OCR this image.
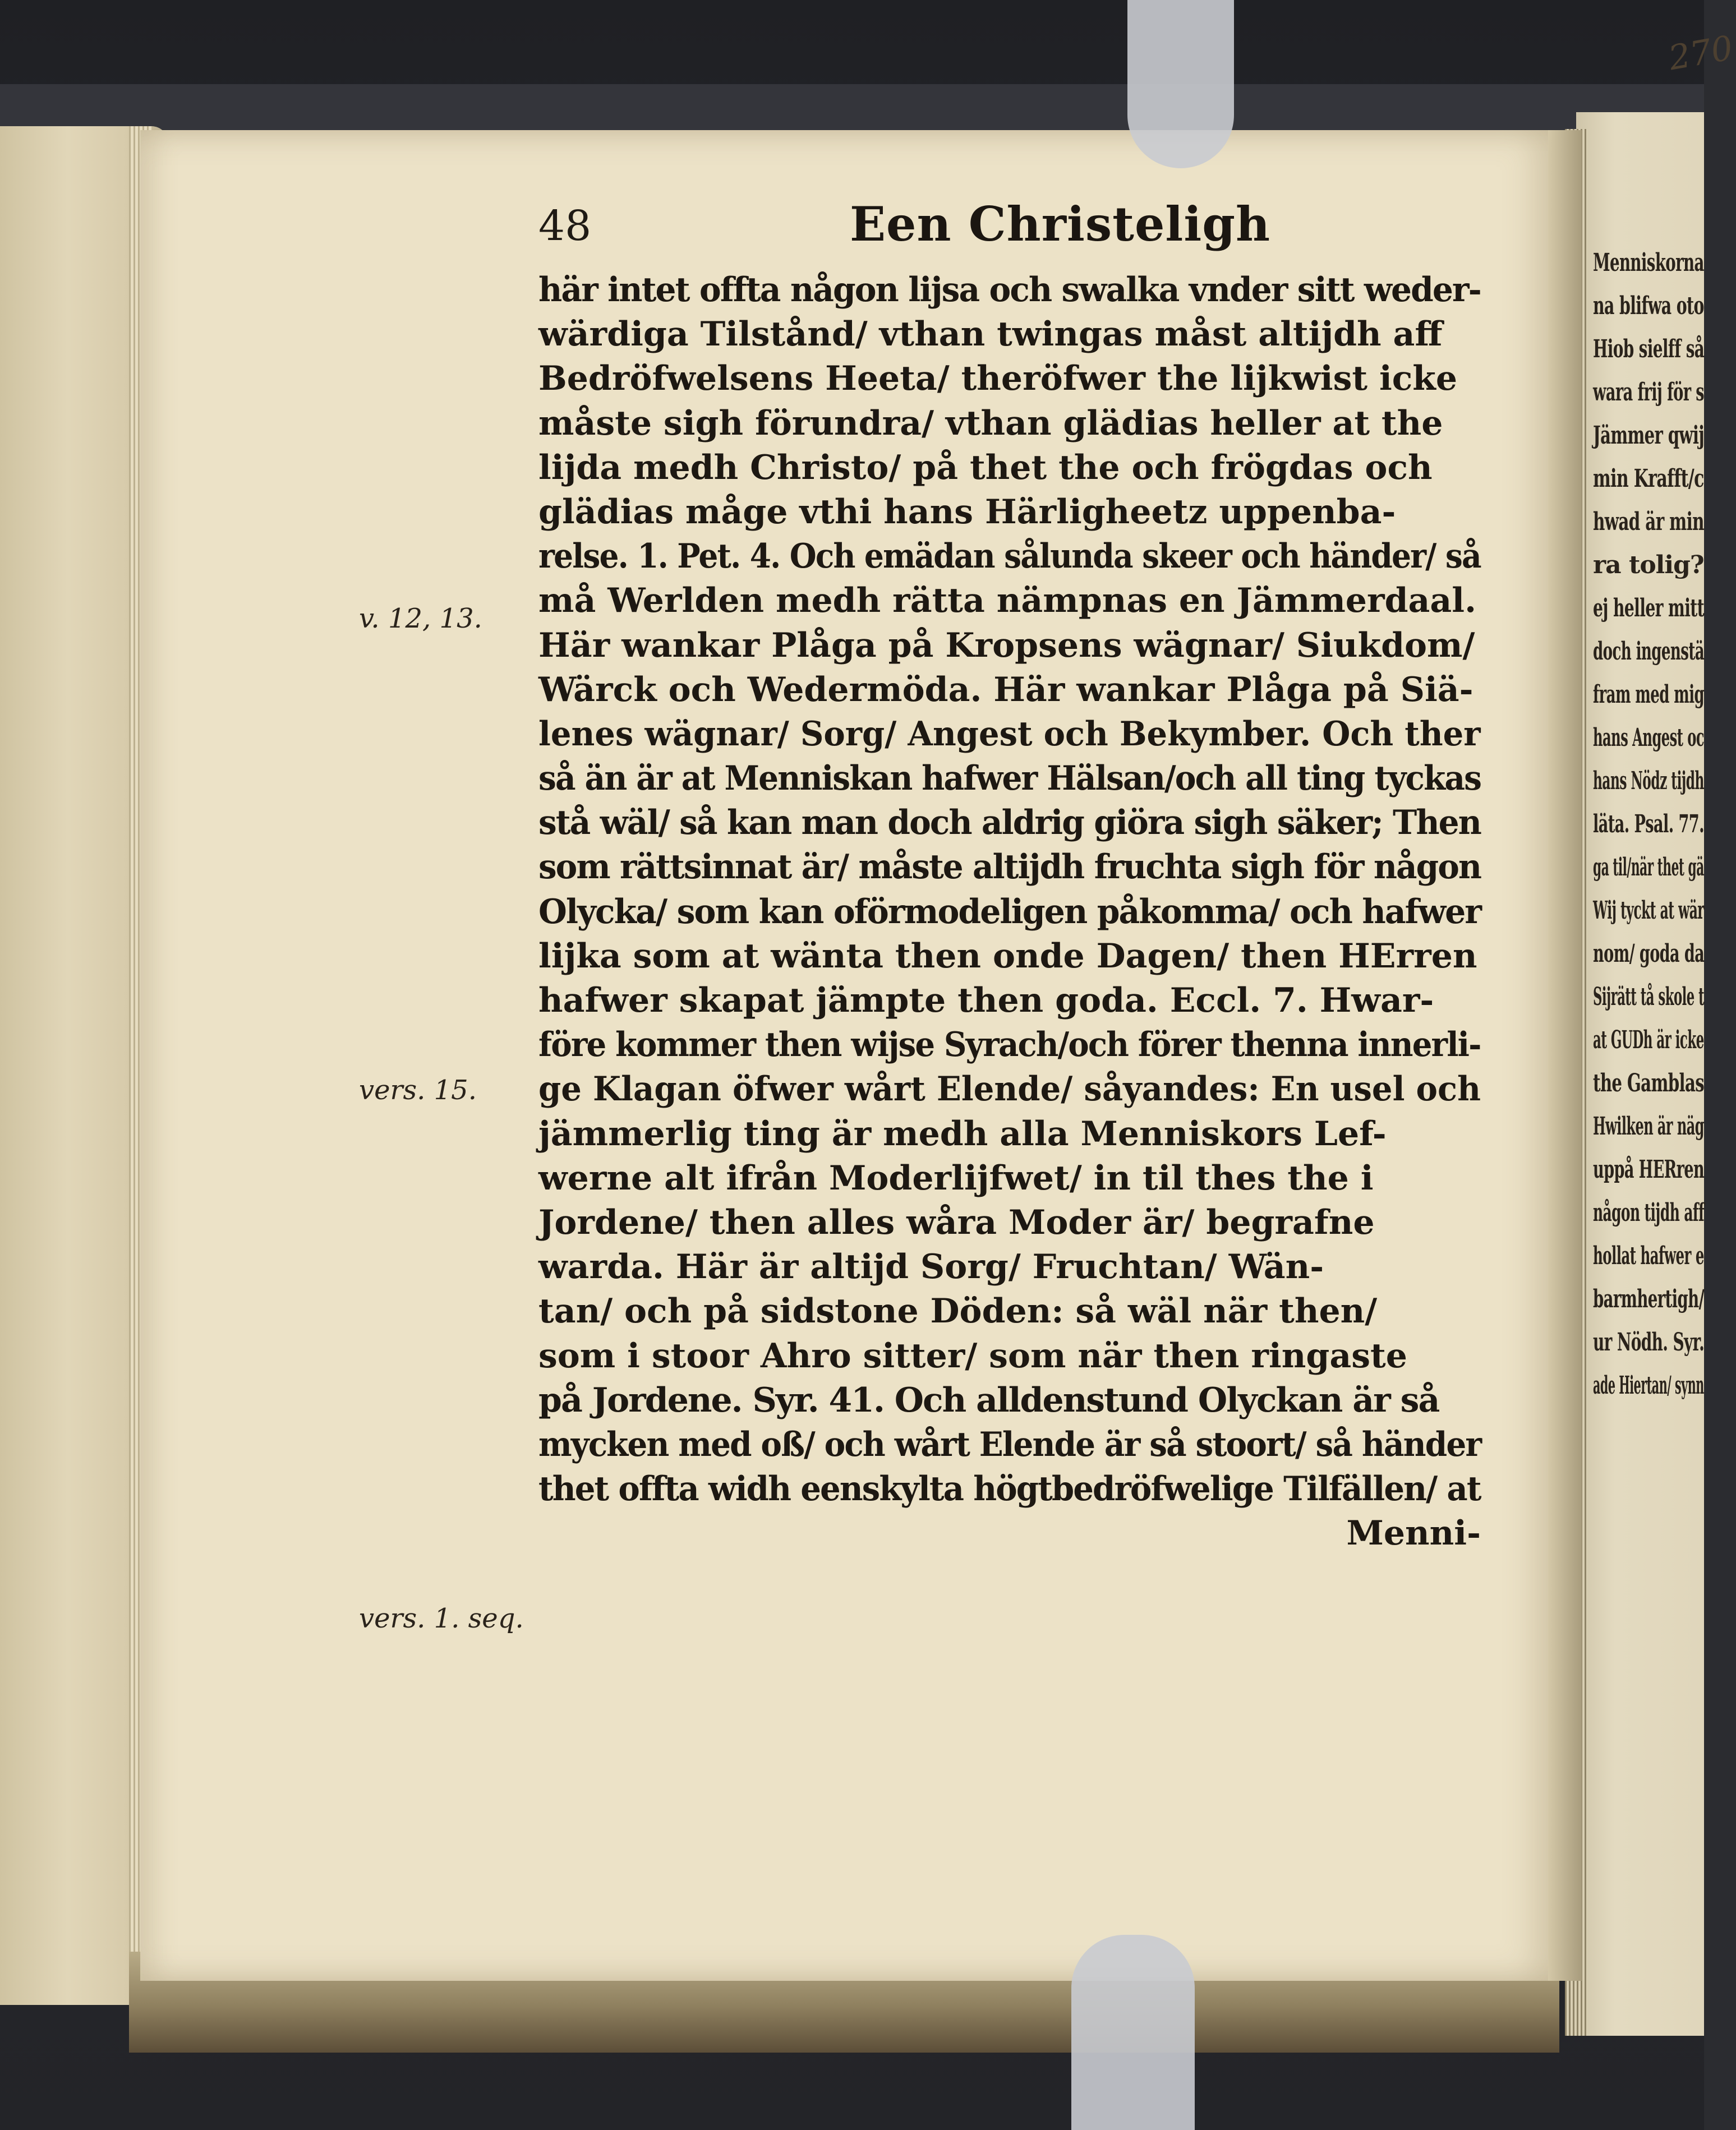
Menniskorna
na blifwa oto
Hiob sielff så
wara frij för s
Jämmer qwij
min Krafft/c
hwad är min
ra tolig?
ej heller mitt
doch ingenstä
fram med mig
hans Angest oc
hans Nödz tijdh
läta. Psal. 77.
ga til/när thet gä
Wij tyckt at wär
nom/ goda da
Sijrätt tå skole t
at GUDh är icke
the Gamblas
Hwilken är näg
uppå HERren
någon tijdh aff
hollat hafwer e
barmhertigh/
ur Nödh. Syr.
ade Hiertan/ synn
270
48	Een Christeligh
v. 12, 13.
vers. 15.
vers. 1. seq.
här intet offta någon lijsa och swalka vnder sitt weder-
wärdiga Tilstånd/ vthan twingas måst altijdh aff
Bedröfwelsens Heeta/ theröfwer the lijkwist icke
måste sigh förundra/ vthan glädias heller at the
lijda medh Christo/ på thet the och frögdas och
glädias måge vthi hans Härligheetz uppenba-
relse. 1. Pet. 4. Och emädan sålunda skeer och händer/ så
må Werlden medh rätta nämpnas en Jämmerdaal.
Här wankar Plåga på Kropsens wägnar/ Siukdom/
Wärck och Wedermöda. Här wankar Plåga på Siä-
lenes wägnar/ Sorg/ Angest och Bekymber. Och ther
så än är at Menniskan hafwer Hälsan/och all ting tyckas
stå wäl/ så kan man doch aldrig giöra sigh säker; Then
som rättsinnat är/ måste altijdh fruchta sigh för någon
Olycka/ som kan oförmodeligen påkomma/ och hafwer
lijka som at wänta then onde Dagen/ then HErren
hafwer skapat jämpte then goda. Eccl. 7. Hwar-
före kommer then wijse Syrach/och förer thenna innerli-
ge Klagan öfwer wårt Elende/ såyandes: En usel och
jämmerlig ting är medh alla Menniskors Lef-
werne alt ifrån Moderlijfwet/ in til thes the i
Jordene/ then alles wåra Moder är/ begrafne
warda. Här är altijd Sorg/ Fruchtan/ Wän-
tan/ och på sidstone Döden: så wäl när then/
som i stoor Ahro sitter/ som när then ringaste
på Jordene. Syr. 41. Och alldenstund Olyckan är så
mycken med oß/ och wårt Elende är så stoort/ så händer
thet offta widh eenskylta högtbedröfwelige Tilfällen/ at
Menni-
